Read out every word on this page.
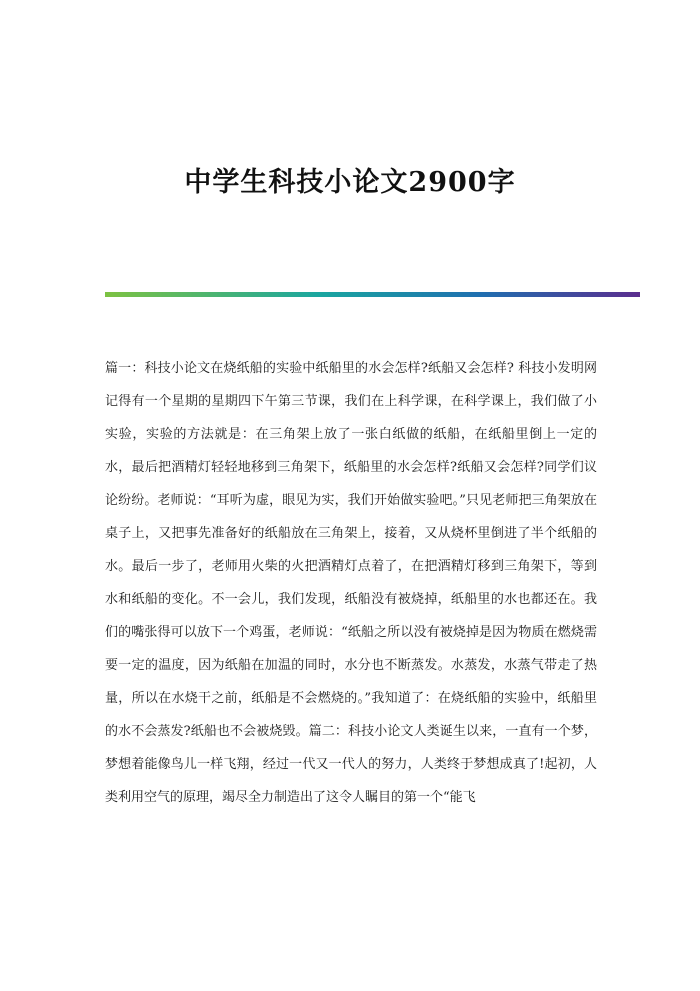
中学生科技小论文2900字
篇一：科技小论文在烧纸船的实验中纸船里的水会怎样?纸船又会怎样? 科技小发明网记得有一个星期的星期四下午第三节课，我们在上科学课，在科学课上，我们做了小实验，实验的方法就是：在三角架上放了一张白纸做的纸船，在纸船里倒上一定的水，最后把酒精灯轻轻地移到三角架下，纸船里的水会怎样?纸船又会怎样?同学们议论纷纷。老师说：“耳听为虚，眼见为实，我们开始做实验吧。”只见老师把三角架放在桌子上，又把事先准备好的纸船放在三角架上，接着，又从烧杯里倒进了半个纸船的水。最后一步了，老师用火柴的火把酒精灯点着了，在把酒精灯移到三角架下，等到水和纸船的变化。不一会儿，我们发现，纸船没有被烧掉，纸船里的水也都还在。我们的嘴张得可以放下一个鸡蛋，老师说：“纸船之所以没有被烧掉是因为物质在燃烧需要一定的温度，因为纸船在加温的同时，水分也不断蒸发。水蒸发，水蒸气带走了热量，所以在水烧干之前，纸船是不会燃烧的。”我知道了：在烧纸船的实验中，纸船里的水不会蒸发?纸船也不会被烧毁。篇二：科技小论文人类诞生以来，一直有一个梦，梦想着能像鸟儿一样飞翔，经过一代又一代人的努力，人类终于梦想成真了!起初，人类利用空气的原理，竭尽全力制造出了这令人瞩目的第一个“能飞
